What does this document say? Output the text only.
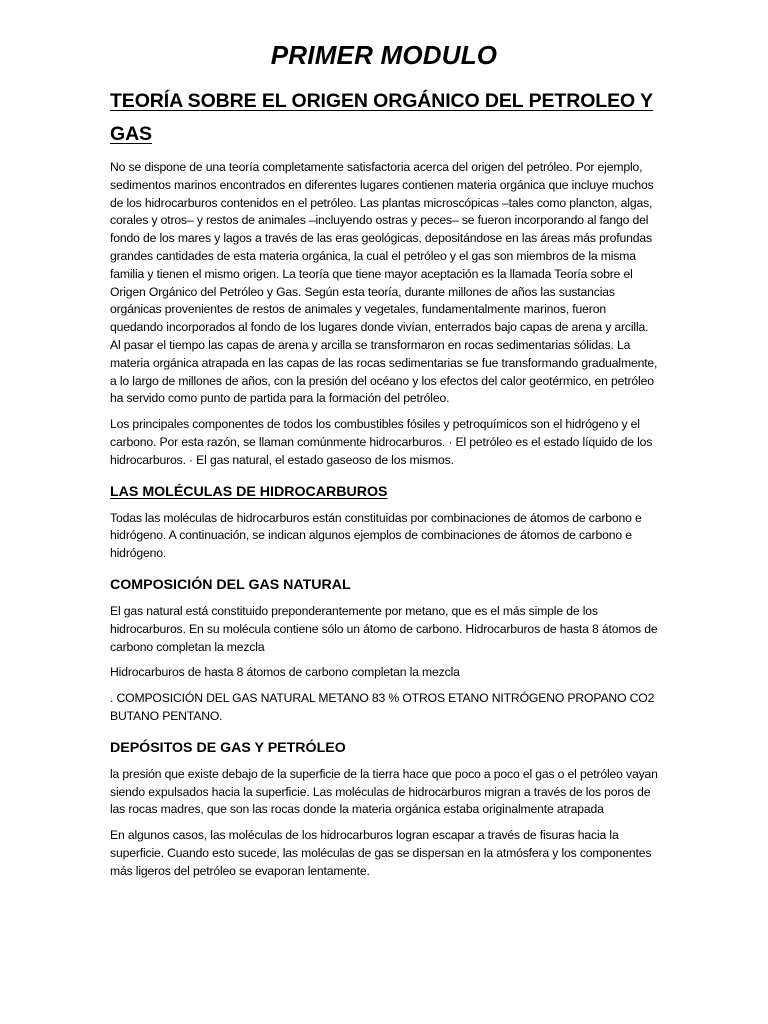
PRIMER MODULO
TEORÍA SOBRE EL ORIGEN ORGÁNICO DEL PETROLEO Y GAS

No se dispone de una teoría completamente satisfactoria acerca del origen del petróleo. Por ejemplo, sedimentos marinos encontrados en diferentes lugares contienen materia orgánica que incluye muchos de los hidrocarburos contenidos en el petróleo. Las plantas microscópicas –tales como plancton, algas, corales y otros– y restos de animales –incluyendo ostras y peces– se fueron incorporando al fango del fondo de los mares y lagos a través de las eras geológicas, depositándose en las áreas más profundas grandes cantidades de esta materia orgánica, la cual el petróleo y el gas son miembros de la misma familia y tienen el mismo origen. La teoría que tiene mayor aceptación es la llamada Teoría sobre el Origen Orgánico del Petróleo y Gas. Según esta teoría, durante millones de años las sustancias orgánicas provenientes de restos de animales y vegetales, fundamentalmente marinos, fueron quedando incorporados al fondo de los lugares donde vivían, enterrados bajo capas de arena y arcilla. Al pasar el tiempo las capas de arena y arcilla se transformaron en rocas sedimentarias sólidas. La materia orgánica atrapada en las capas de las rocas sedimentarias se fue transformando gradualmente, a lo largo de millones de años, con la presión del océano y los efectos del calor geotérmico, en petróleo ha servido como punto de partida para la formación del petróleo.

Los principales componentes de todos los combustibles fósiles y petroquímicos son el hidrógeno y el carbono. Por esta razón, se llaman comúnmente hidrocarburos. · El petróleo es el estado líquido de los hidrocarburos. · El gas natural, el estado gaseoso de los mismos.

LAS MOLÉCULAS DE HIDROCARBUROS

Todas las moléculas de hidrocarburos están constituidas por combinaciones de átomos de carbono e hidrógeno. A continuación, se indican algunos ejemplos de combinaciones de átomos de carbono e hidrógeno.

COMPOSICIÓN DEL GAS NATURAL

El gas natural está constituido preponderantemente por metano, que es el más simple de los hidrocarburos. En su molécula contiene sólo un átomo de carbono. Hidrocarburos de hasta 8 átomos de carbono completan la mezcla

Hidrocarburos de hasta 8 átomos de carbono completan la mezcla

. COMPOSICIÓN DEL GAS NATURAL METANO 83 % OTROS ETANO NITRÓGENO PROPANO CO2 BUTANO PENTANO.

DEPÓSITOS DE GAS Y PETRÓLEO

la presión que existe debajo de la superficie de la tierra hace que poco a poco el gas o el petróleo vayan siendo expulsados hacia la superficie. Las moléculas de hidrocarburos migran a través de los poros de las rocas madres, que son las rocas donde la materia orgánica estaba originalmente atrapada

En algunos casos, las moléculas de los hidrocarburos logran escapar a través de fisuras hacia la superficie. Cuando esto sucede, las moléculas de gas se dispersan en la atmósfera y los componentes más ligeros del petróleo se evaporan lentamente.
